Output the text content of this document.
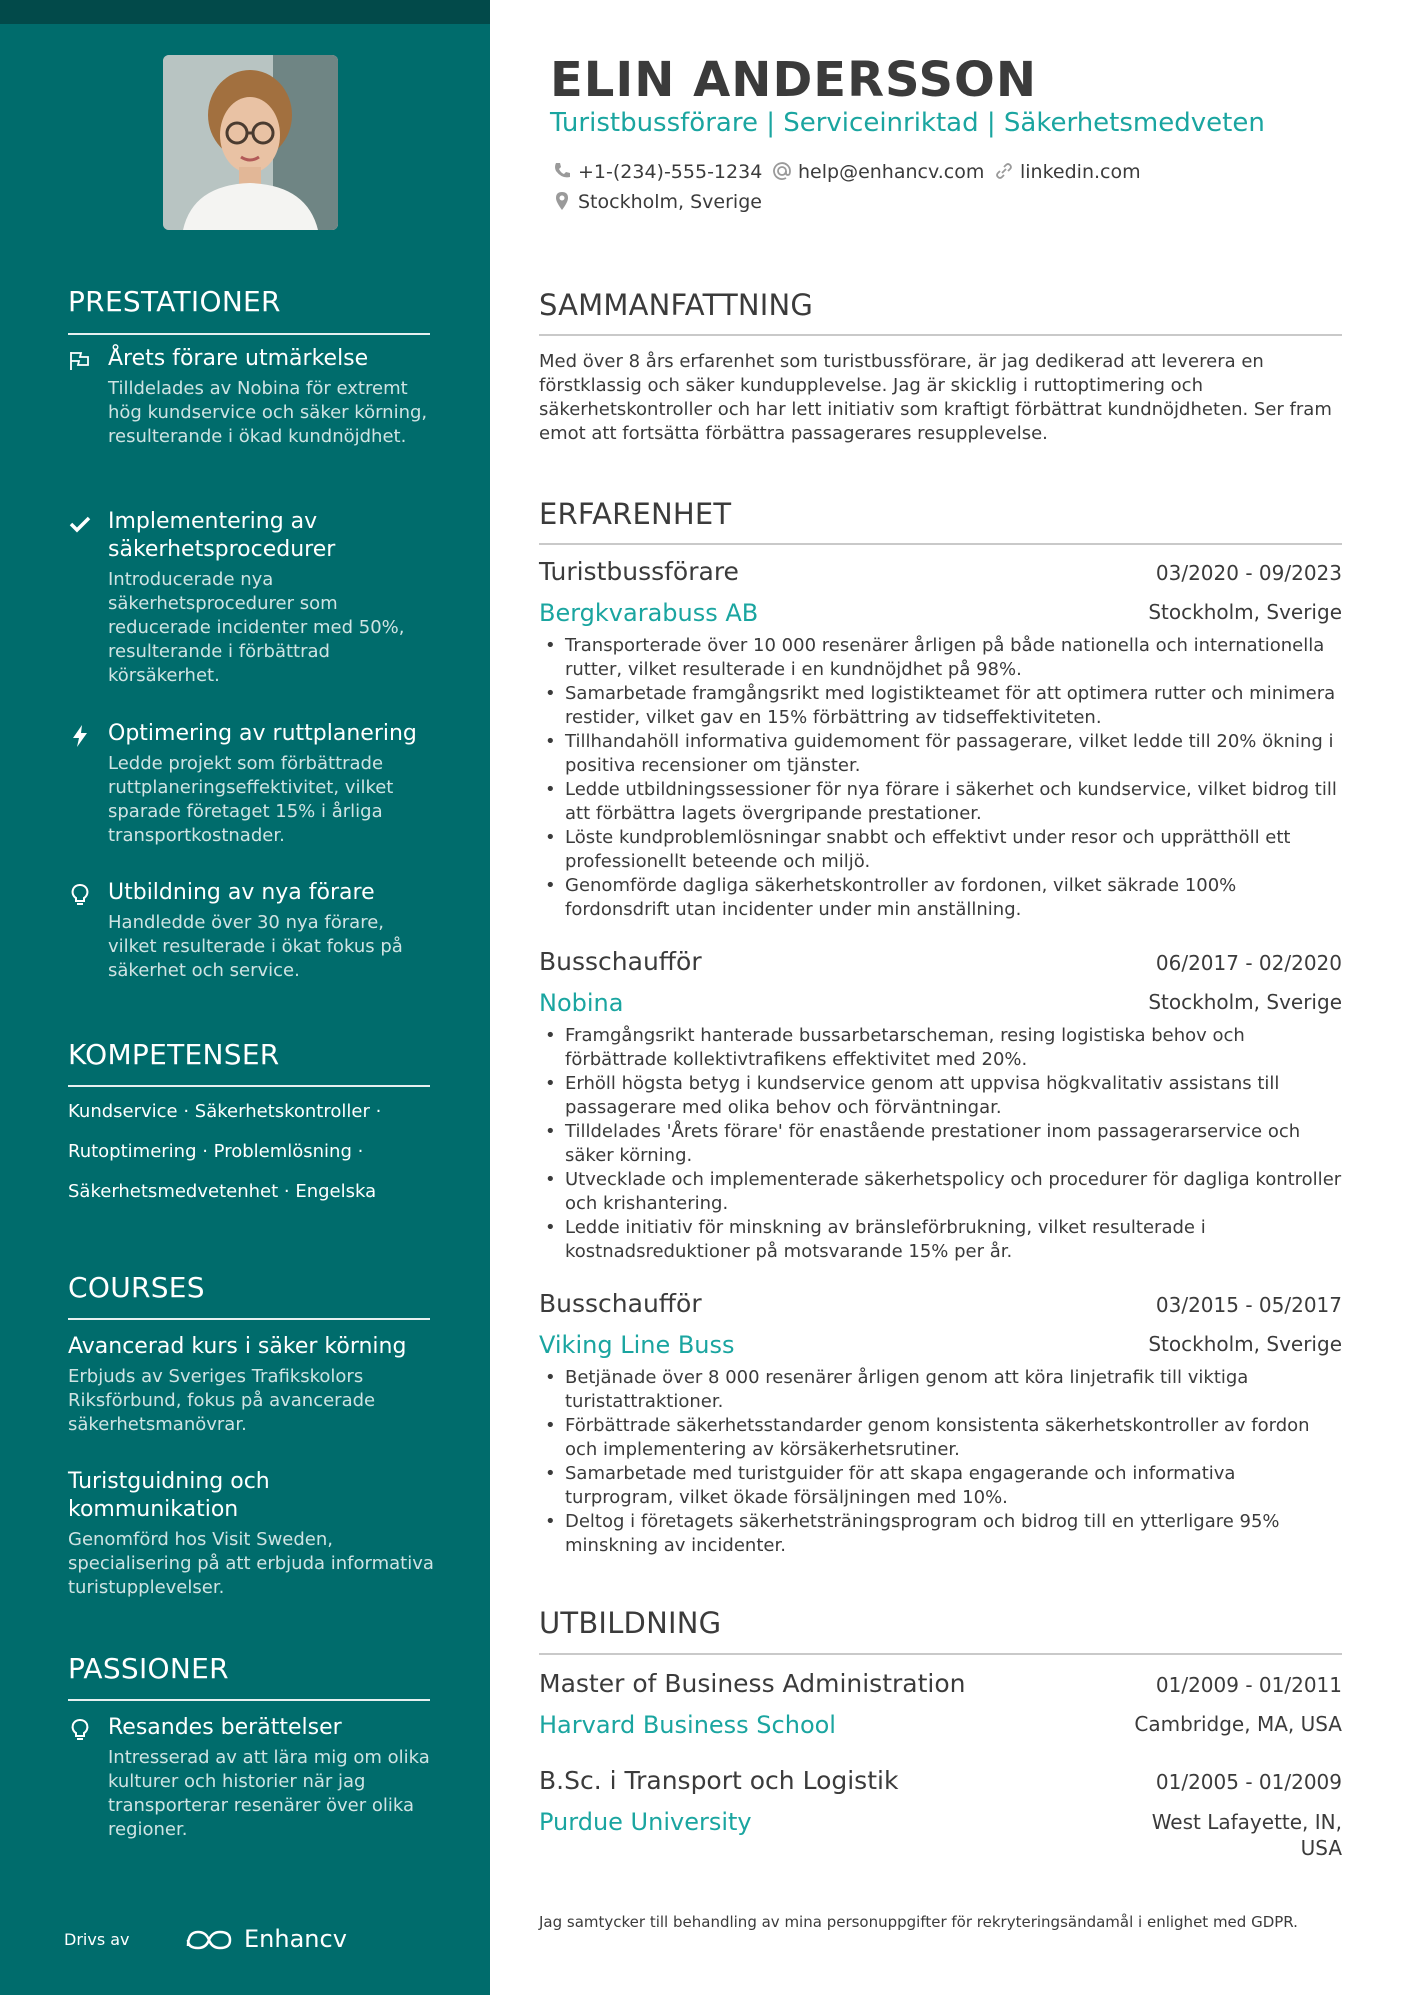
PRESTATIONER
Årets förare utmärkelse
Tilldelades av Nobina för extremt hög kundservice och säker körning, resulterande i ökad kundnöjdhet.
Implementering av säkerhetsprocedurer
Introducerade nya säkerhetsprocedurer som reducerade incidenter med 50%, resulterande i förbättrad körsäkerhet.
Optimering av ruttplanering
Ledde projekt som förbättrade ruttplaneringseffektivitet, vilket sparade företaget 15% i årliga transportkostnader.
Utbildning av nya förare
Handledde över 30 nya förare, vilket resulterade i ökat fokus på säkerhet och service.
KOMPETENSER
Kundservice · Säkerhetskontroller ·
Rutoptimering · Problemlösning ·
Säkerhetsmedvetenhet · Engelska
COURSES
Avancerad kurs i säker körning
Erbjuds av Sveriges Trafikskolors Riksförbund, fokus på avancerade säkerhetsmanövrar.
Turistguidning och kommunikation
Genomförd hos Visit Sweden, specialisering på att erbjuda informativa turistupplevelser.
PASSIONER
Resandes berättelser
Intresserad av att lära mig om olika kulturer och historier när jag transporterar resenärer över olika regioner.
Drivs av	Enhancv
ELIN ANDERSSON
Turistbussförare | Serviceinriktad | Säkerhetsmedveten
+1-(234)-555-1234	help@enhancv.com	linkedin.com
Stockholm, Sverige
SAMMANFATTNING
Med över 8 års erfarenhet som turistbussförare, är jag dedikerad att leverera en förstklassig och säker kundupplevelse. Jag är skicklig i ruttoptimering och säkerhetskontroller och har lett initiativ som kraftigt förbättrat kundnöjdheten. Ser fram emot att fortsätta förbättra passagerares resupplevelse.
ERFARENHET
Turistbussförare	03/2020 - 09/2023
Bergkvarabuss AB	Stockholm, Sverige
• Transporterade över 10 000 resenärer årligen på både nationella och internationella rutter, vilket resulterade i en kundnöjdhet på 98%.
• Samarbetade framgångsrikt med logistikteamet för att optimera rutter och minimera restider, vilket gav en 15% förbättring av tidseffektiviteten.
• Tillhandahöll informativa guidemoment för passagerare, vilket ledde till 20% ökning i positiva recensioner om tjänster.
• Ledde utbildningssessioner för nya förare i säkerhet och kundservice, vilket bidrog till att förbättra lagets övergripande prestationer.
• Löste kundproblemlösningar snabbt och effektivt under resor och upprätthöll ett professionellt beteende och miljö.
• Genomförde dagliga säkerhetskontroller av fordonen, vilket säkrade 100% fordonsdrift utan incidenter under min anställning.
Busschaufför	06/2017 - 02/2020
Nobina	Stockholm, Sverige
• Framgångsrikt hanterade bussarbetarscheman, resing logistiska behov och förbättrade kollektivtrafikens effektivitet med 20%.
• Erhöll högsta betyg i kundservice genom att uppvisa högkvalitativ assistans till passagerare med olika behov och förväntningar.
• Tilldelades 'Årets förare' för enastående prestationer inom passagerarservice och säker körning.
• Utvecklade och implementerade säkerhetspolicy och procedurer för dagliga kontroller och krishantering.
• Ledde initiativ för minskning av bränsleförbrukning, vilket resulterade i kostnadsreduktioner på motsvarande 15% per år.
Busschaufför	03/2015 - 05/2017
Viking Line Buss	Stockholm, Sverige
• Betjänade över 8 000 resenärer årligen genom att köra linjetrafik till viktiga turistattraktioner.
• Förbättrade säkerhetsstandarder genom konsistenta säkerhetskontroller av fordon och implementering av körsäkerhetsrutiner.
• Samarbetade med turistguider för att skapa engagerande och informativa turprogram, vilket ökade försäljningen med 10%.
• Deltog i företagets säkerhetsträningsprogram och bidrog till en ytterligare 95% minskning av incidenter.
UTBILDNING
Master of Business Administration	01/2009 - 01/2011
Harvard Business School	Cambridge, MA, USA
B.Sc. i Transport och Logistik	01/2005 - 01/2009
Purdue University	West Lafayette, IN, USA
Jag samtycker till behandling av mina personuppgifter för rekryteringsändamål i enlighet med GDPR.
